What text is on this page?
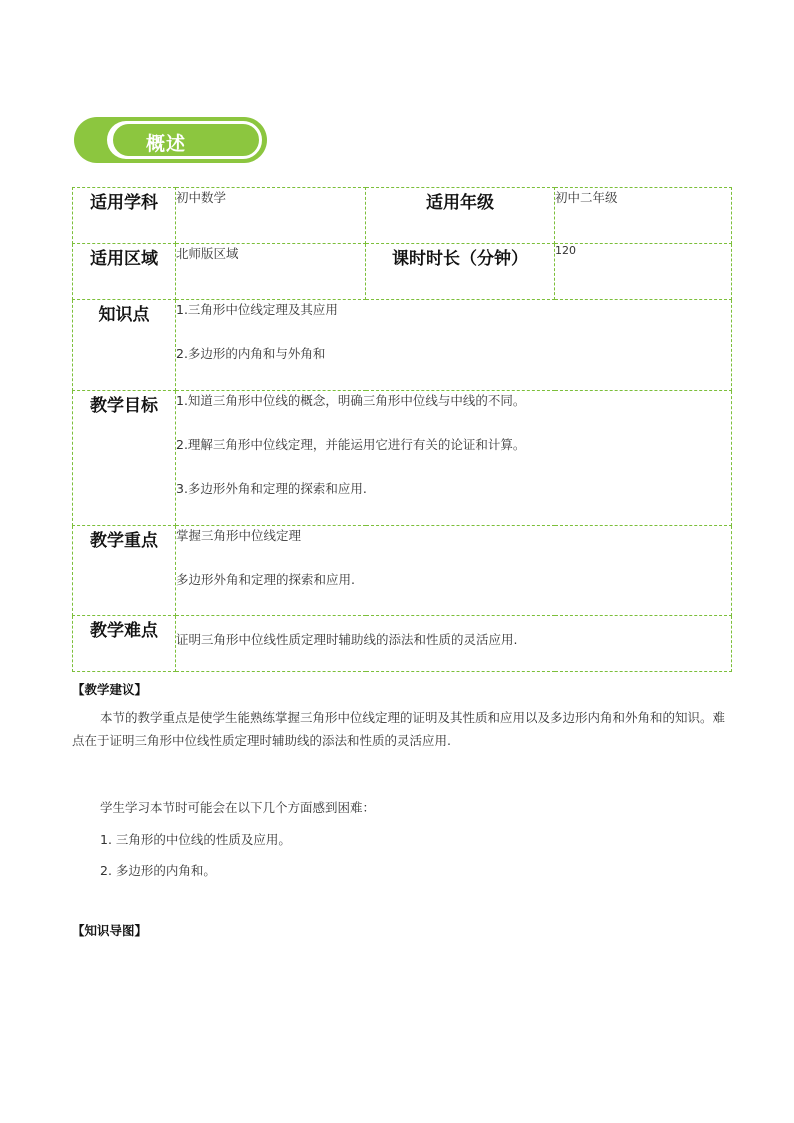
概述
适用学科	初中数学	适用年级	初中二年级
适用区域	北师版区域	课时时长（分钟）	120
知识点	1.三角形中位线定理及其应用

2.多边形的内角和与外角和		

教学目标	1.知道三角形中位线的概念，明确三角形中位线与中线的不同。

2.理解三角形中位线定理，并能运用它进行有关的论证和计算。

3.多边形外角和定理的探索和应用.		

教学重点	掌握三角形中位线定理

多边形外角和定理的探索和应用.		

教学难点	证明三角形中位线性质定理时辅助线的添法和性质的灵活应用.		

【教学建议】
本节的教学重点是使学生能熟练掌握三角形中位线定理的证明及其性质和应用以及多边形内角和外角和的知识。难点在于证明三角形中位线性质定理时辅助线的添法和性质的灵活应用.
学生学习本节时可能会在以下几个方面感到困难：
1. 三角形的中位线的性质及应用。
2. 多边形的内角和。
【知识导图】
